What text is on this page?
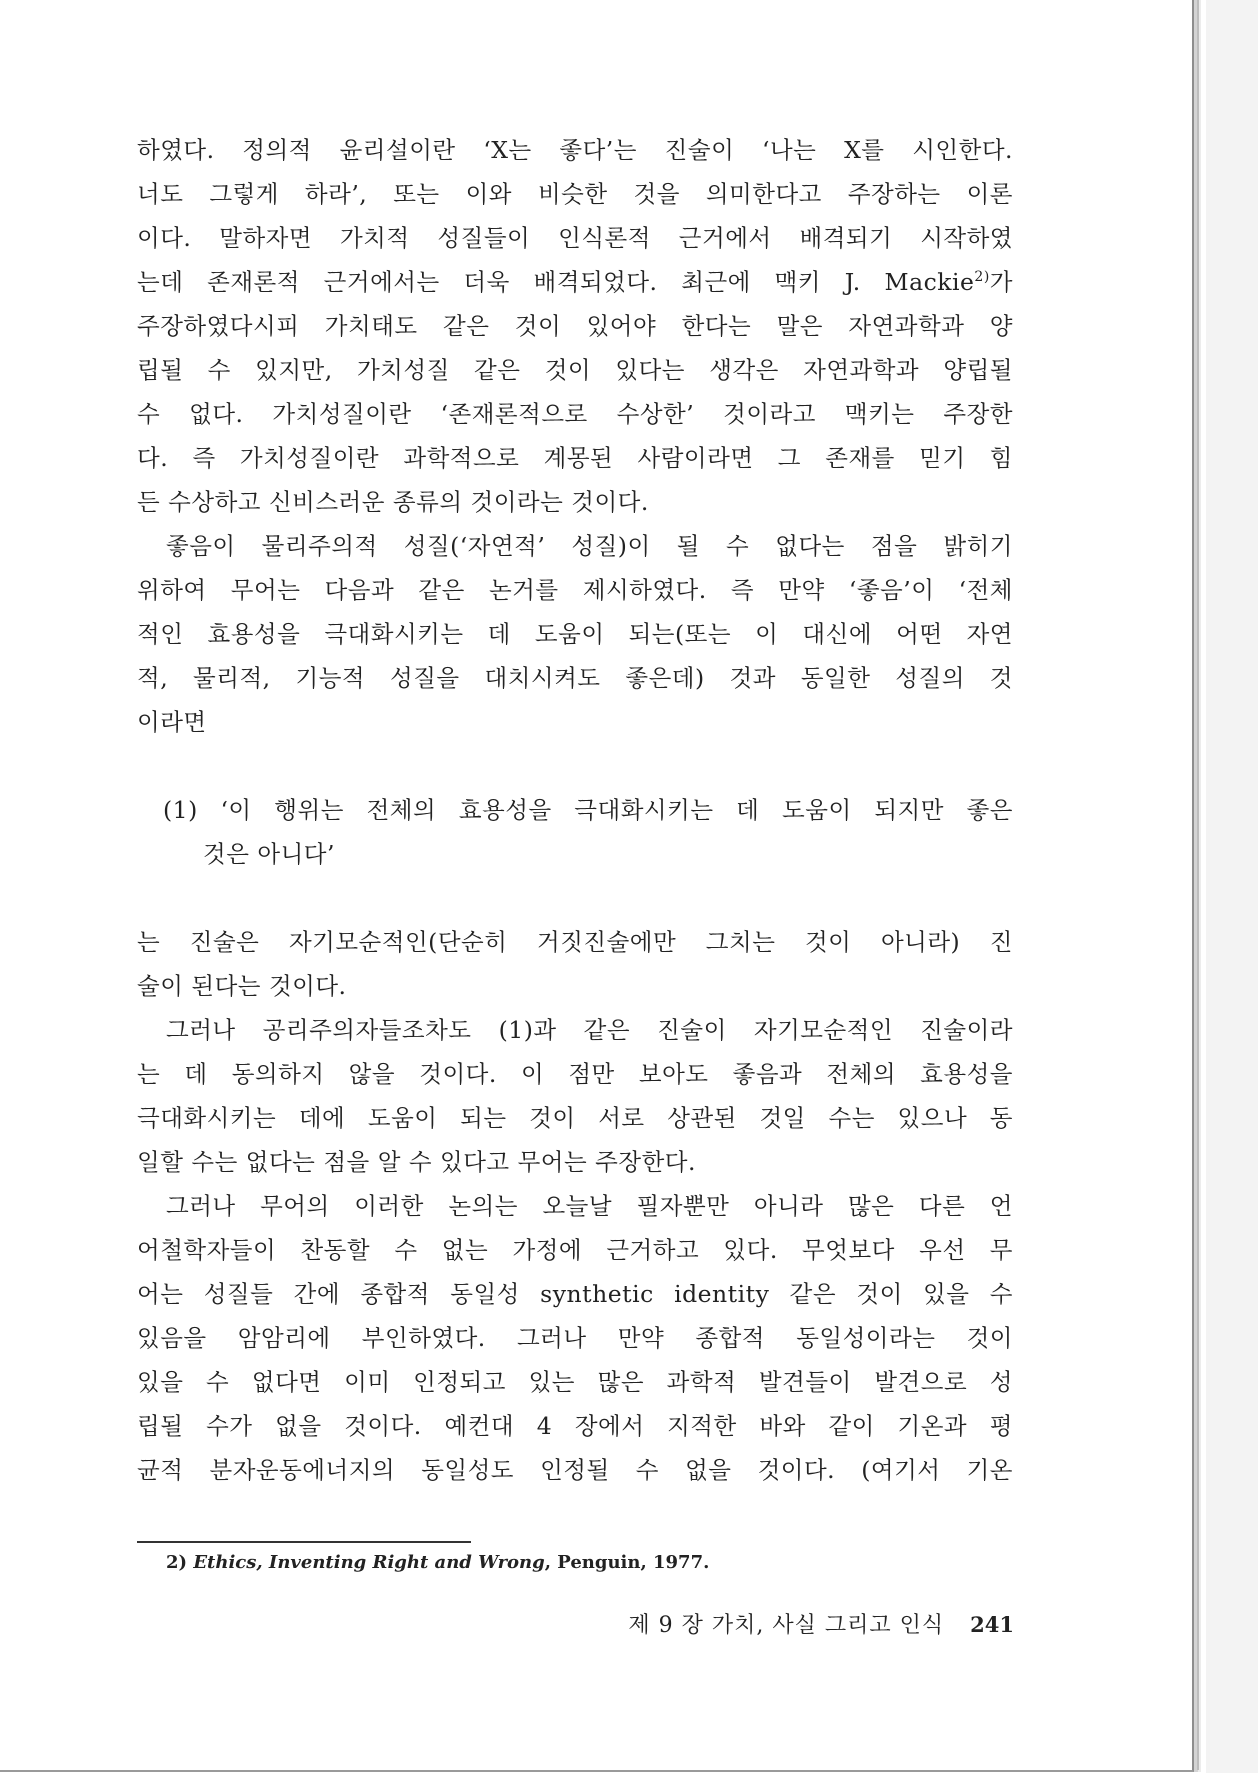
하였다. 정의적 윤리설이란 ‘X는 좋다’는 진술이 ‘나는 X를 시인한다.
너도 그렇게 하라’, 또는 이와 비슷한 것을 의미한다고 주장하는 이론
이다. 말하자면 가치적 성질들이 인식론적 근거에서 배격되기 시작하였
는데 존재론적 근거에서는 더욱 배격되었다. 최근에 맥키 J. Mackie$^{2)}$가
주장하였다시피 가치태도 같은 것이 있어야 한다는 말은 자연과학과 양
립될 수 있지만, 가치성질 같은 것이 있다는 생각은 자연과학과 양립될
수 없다. 가치성질이란 ‘존재론적으로 수상한’ 것이라고 맥키는 주장한
다. 즉 가치성질이란 과학적으로 계몽된 사람이라면 그 존재를 믿기 힘
든 수상하고 신비스러운 종류의 것이라는 것이다.
좋음이 물리주의적 성질(‘자연적’ 성질)이 될 수 없다는 점을 밝히기
위하여 무어는 다음과 같은 논거를 제시하였다. 즉 만약 ‘좋음’이 ‘전체
적인 효용성을 극대화시키는 데 도움이 되는(또는 이 대신에 어떤 자연
적, 물리적, 기능적 성질을 대치시켜도 좋은데) 것과 동일한 성질의 것
이라면
(1) ‘이 행위는 전체의 효용성을 극대화시키는 데 도움이 되지만 좋은
것은 아니다’
는 진술은 자기모순적인(단순히 거짓진술에만 그치는 것이 아니라) 진
술이 된다는 것이다.
그러나 공리주의자들조차도 (1)과 같은 진술이 자기모순적인 진술이라
는 데 동의하지 않을 것이다. 이 점만 보아도 좋음과 전체의 효용성을
극대화시키는 데에 도움이 되는 것이 서로 상관된 것일 수는 있으나 동
일할 수는 없다는 점을 알 수 있다고 무어는 주장한다.
그러나 무어의 이러한 논의는 오늘날 필자뿐만 아니라 많은 다른 언
어철학자들이 찬동할 수 없는 가정에 근거하고 있다. 무엇보다 우선 무
어는 성질들 간에 종합적 동일성 synthetic identity 같은 것이 있을 수
있음을 암암리에 부인하였다. 그러나 만약 종합적 동일성이라는 것이
있을 수 없다면 이미 인정되고 있는 많은 과학적 발견들이 발견으로 성
립될 수가 없을 것이다. 예컨대 4 장에서 지적한 바와 같이 기온과 평
균적 분자운동에너지의 동일성도 인정될 수 없을 것이다. (여기서 기온
2) Ethics, Inventing Right and Wrong, Penguin, 1977.
제 9 장 가치, 사실 그리고 인식 241
